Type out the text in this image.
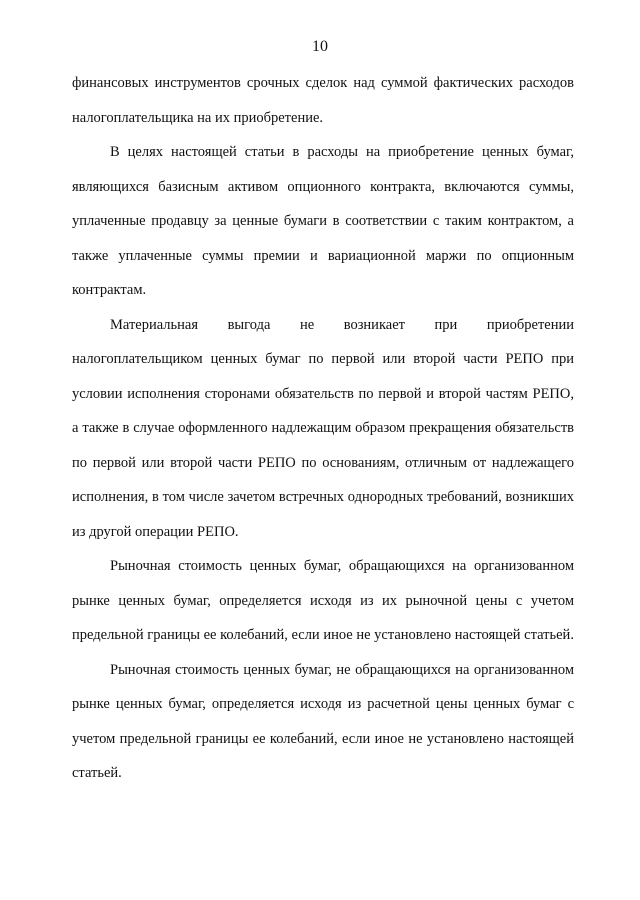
10

финансовых инструментов срочных сделок над суммой фактических расходов налогоплательщика на их приобретение.

В целях настоящей статьи в расходы на приобретение ценных бумаг, являющихся базисным активом опционного контракта, включаются суммы, уплаченные продавцу за ценные бумаги в соответствии с таким контрактом, а также уплаченные суммы премии и вариационной маржи по опционным контрактам.

Материальная выгода не возникает при приобретении налогоплательщиком ценных бумаг по первой или второй части РЕПО при условии исполнения сторонами обязательств по первой и второй частям РЕПО, а также в случае оформленного надлежащим образом прекращения обязательств по первой или второй части РЕПО по основаниям, отличным от надлежащего исполнения, в том числе зачетом встречных однородных требований, возникших из другой операции РЕПО.

Рыночная стоимость ценных бумаг, обращающихся на организованном рынке ценных бумаг, определяется исходя из их рыночной цены с учетом предельной границы ее колебаний, если иное не установлено настоящей статьей.

Рыночная стоимость ценных бумаг, не обращающихся на организованном рынке ценных бумаг, определяется исходя из расчетной цены ценных бумаг с учетом предельной границы ее колебаний, если иное не установлено настоящей статьей.
